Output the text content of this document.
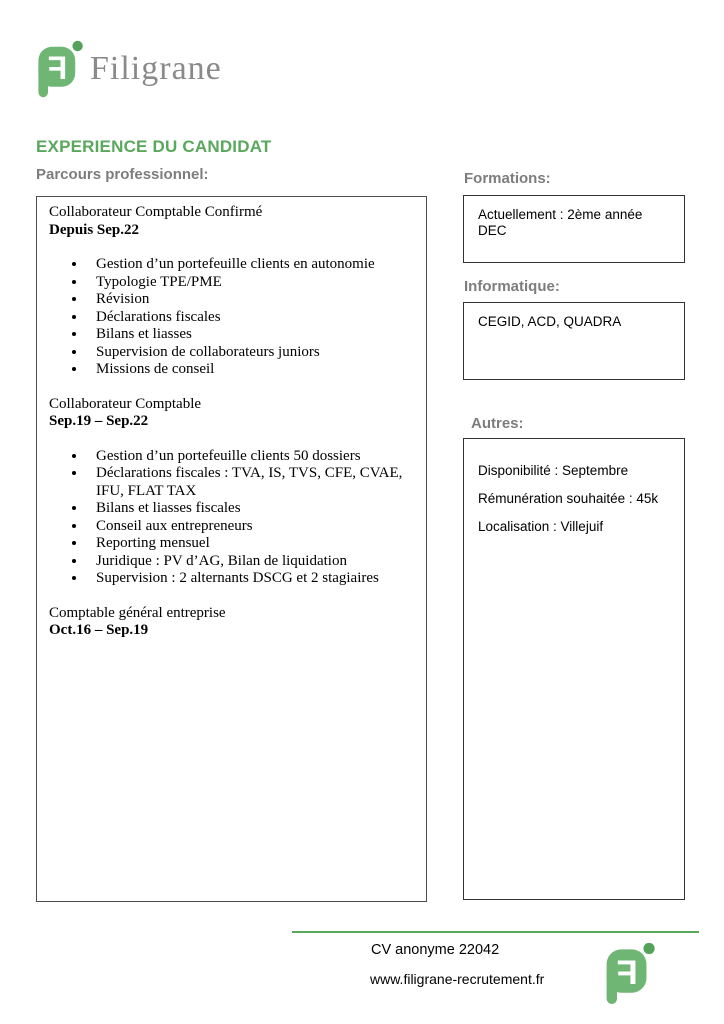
F Filigrane
EXPERIENCE DU CANDIDAT
Parcours professionnel:	Formations:
Informatique:
Autres:
Collaborateur Comptable Confirmé
Depuis Sep.22
• Gestion d’un portefeuille clients en autonomie
• Typologie TPE/PME
• Révision
• Déclarations fiscales
• Bilans et liasses
• Supervision de collaborateurs juniors
• Missions de conseil
Collaborateur Comptable
Sep.19 – Sep.22
• Gestion d’un portefeuille clients 50 dossiers
• Déclarations fiscales : TVA, IS, TVS, CFE, CVAE, IFU, FLAT TAX
• Bilans et liasses fiscales
• Conseil aux entrepreneurs
• Reporting mensuel
• Juridique : PV d’AG, Bilan de liquidation
• Supervision : 2 alternants DSCG et 2 stagiaires
Comptable général entreprise
Oct.16 – Sep.19
Actuellement : 2ème année DEC
CEGID, ACD, QUADRA

Disponibilité : Septembre

Rémunération souhaitée : 45k

Localisation : Villejuif

CV anonyme 22042
www.filigrane-recrutement.fr F
